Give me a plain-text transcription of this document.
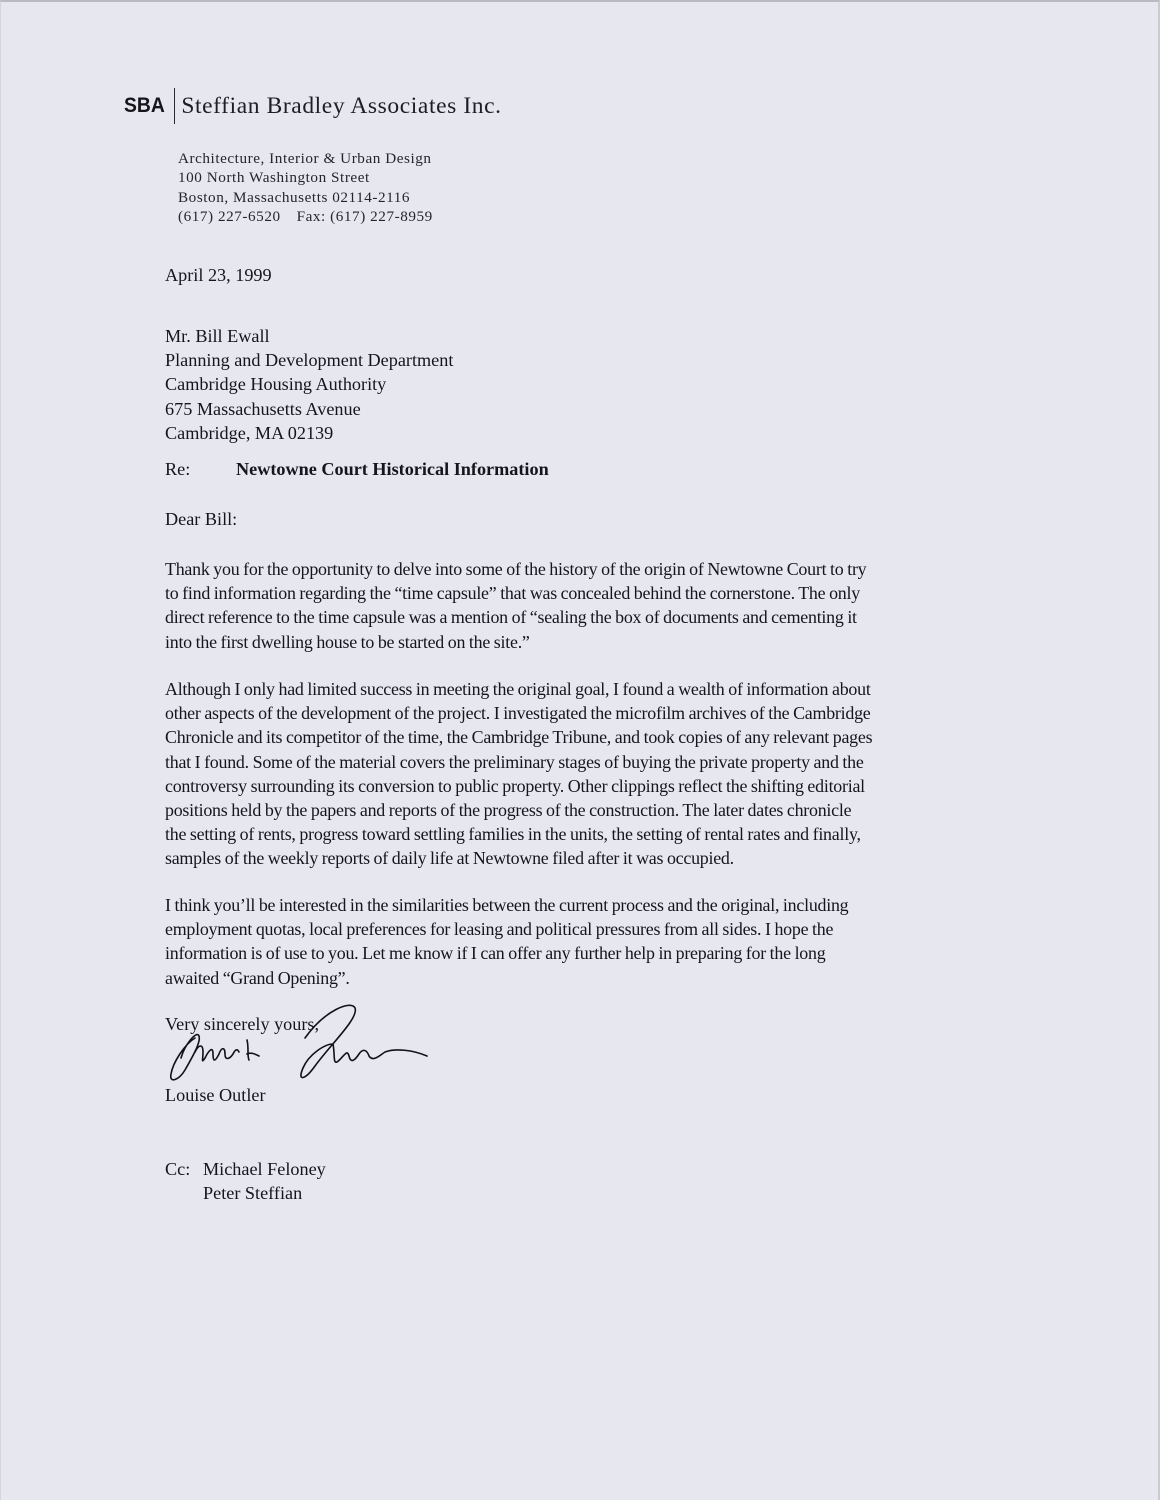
SBA Steffian Bradley Associates Inc.
Architecture, Interior & Urban Design
100 North Washington Street
Boston, Massachusetts 02114-2116
(617) 227-6520 Fax: (617) 227-8959
April 23, 1999
Mr. Bill Ewall
Planning and Development Department
Cambridge Housing Authority
675 Massachusetts Avenue
Cambridge, MA 02139
Re:	Newtowne Court Historical Information
Dear Bill:
Thank you for the opportunity to delve into some of the history of the origin of Newtowne Court to try
to find information regarding the “time capsule” that was concealed behind the cornerstone. The only
direct reference to the time capsule was a mention of “sealing the box of documents and cementing it
into the first dwelling house to be started on the site.”
Although I only had limited success in meeting the original goal, I found a wealth of information about
other aspects of the development of the project. I investigated the microfilm archives of the Cambridge
Chronicle and its competitor of the time, the Cambridge Tribune, and took copies of any relevant pages
that I found. Some of the material covers the preliminary stages of buying the private property and the
controversy surrounding its conversion to public property. Other clippings reflect the shifting editorial
positions held by the papers and reports of the progress of the construction. The later dates chronicle
the setting of rents, progress toward settling families in the units, the setting of rental rates and finally,
samples of the weekly reports of daily life at Newtowne filed after it was occupied.
I think you’ll be interested in the similarities between the current process and the original, including
employment quotas, local preferences for leasing and political pressures from all sides. I hope the
information is of use to you. Let me know if I can offer any further help in preparing for the long
awaited “Grand Opening”.
Very sincerely yours,
Louise Outler
Cc: Michael Feloney
Peter Steffian
